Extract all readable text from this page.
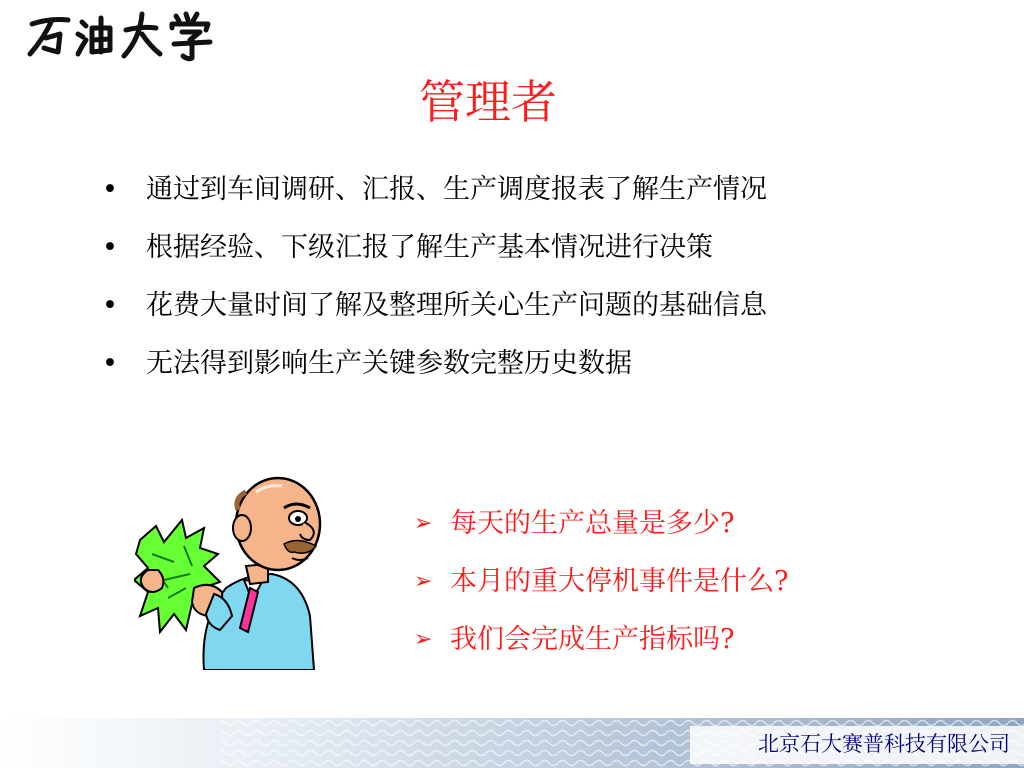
管理者
• 通过到车间调研、汇报、生产调度报表了解生产情况
• 根据经验、下级汇报了解生产基本情况进行决策
• 花费大量时间了解及整理所关心生产问题的基础信息
• 无法得到影响生产关键参数完整历史数据
➢ 每天的生产总量是多少?
➢ 本月的重大停机事件是什么?
➢ 我们会完成生产指标吗?
北京石大赛普科技有限公司
